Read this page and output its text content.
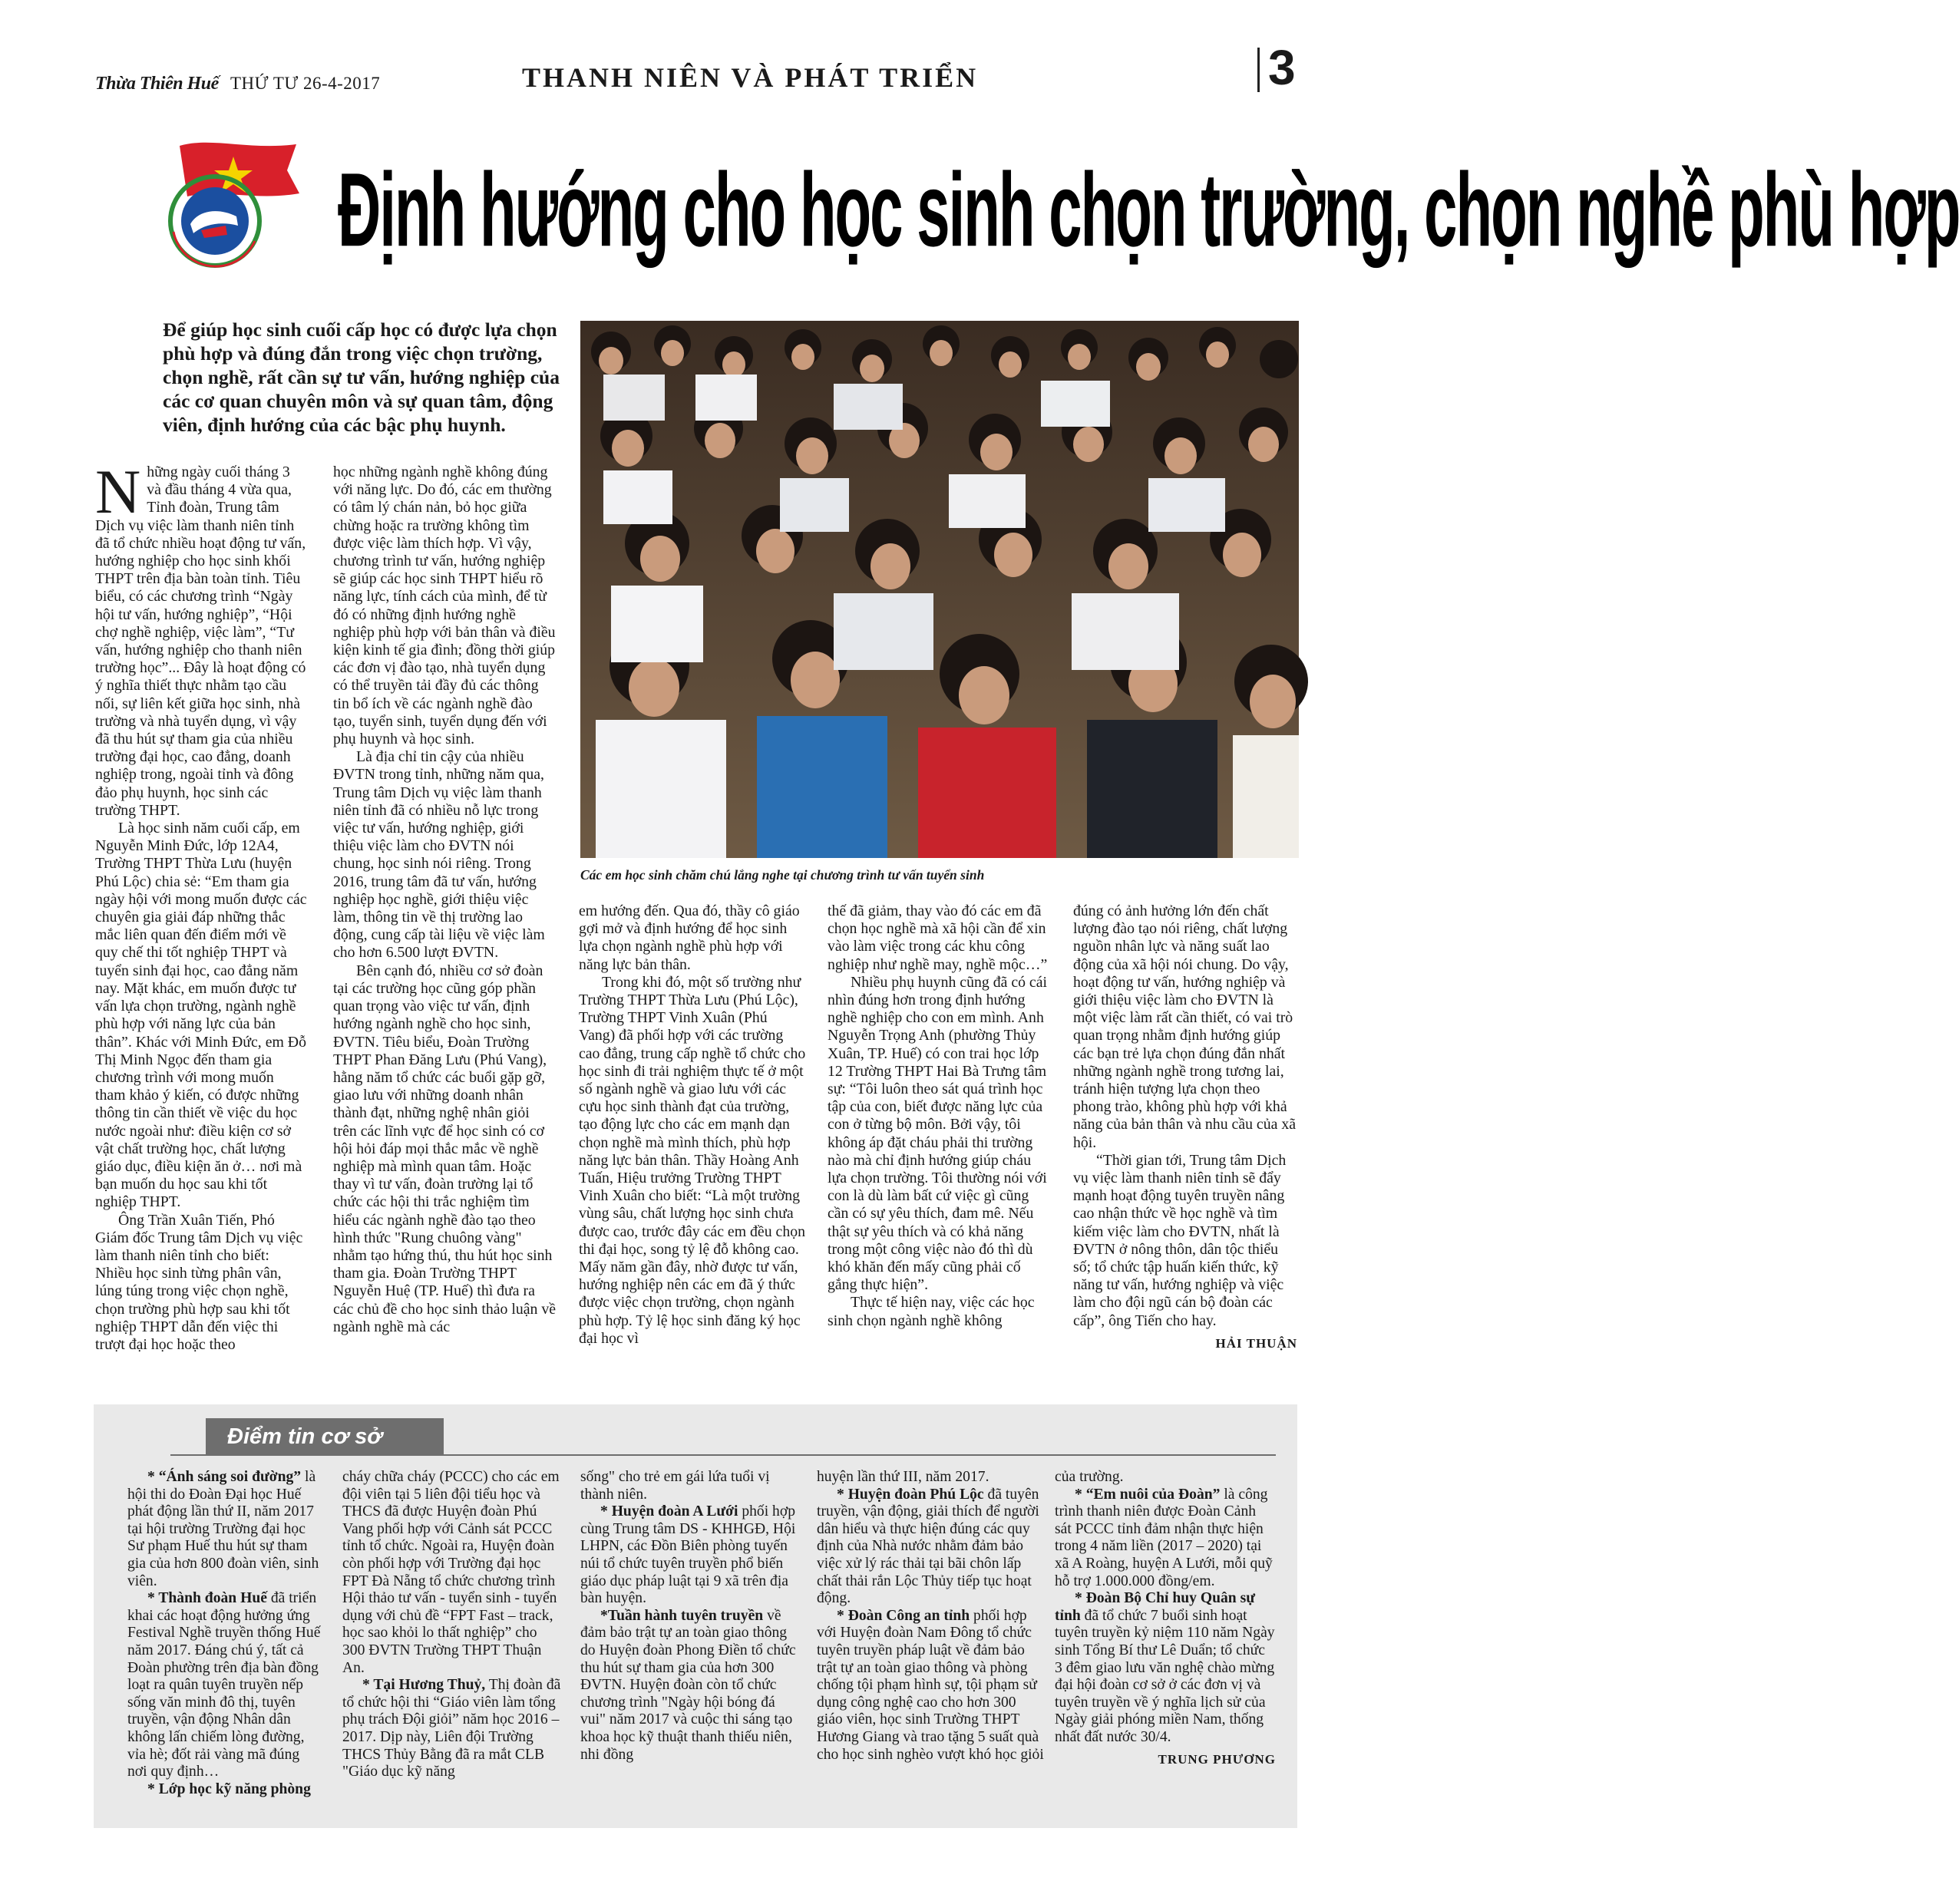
Thừa Thiên Huế THỨ TƯ 26-4-2017	THANH NIÊN VÀ PHÁT TRIỂN	3
Định hướng cho học sinh chọn trường, chọn nghề phù hợp
Để giúp học sinh cuối cấp học có được lựa chọn phù hợp và đúng đắn trong việc chọn trường, chọn nghề, rất cần sự tư vấn, hướng nghiệp của các cơ quan chuyên môn và sự quan tâm, động viên, định hướng của các bậc phụ huynh.
Các em học sinh chăm chú lắng nghe tại chương trình tư vấn tuyển sinh

Những ngày cuối tháng 3 và đầu tháng 4 vừa qua, Tỉnh đoàn, Trung tâm Dịch vụ việc làm thanh niên tỉnh đã tổ chức nhiều hoạt động tư vấn, hướng nghiệp cho học sinh khối THPT trên địa bàn toàn tỉnh. Tiêu biểu, có các chương trình “Ngày hội tư vấn, hướng nghiệp”, “Hội chợ nghề nghiệp, việc làm”, “Tư vấn, hướng nghiệp cho thanh niên trường học”... Đây là hoạt động có ý nghĩa thiết thực nhằm tạo cầu nối, sự liên kết giữa học sinh, nhà trường và nhà tuyển dụng, vì vậy đã thu hút sự tham gia của nhiều trường đại học, cao đẳng, doanh nghiệp trong, ngoài tỉnh và đông đảo phụ huynh, học sinh các trường THPT.

Là học sinh năm cuối cấp, em Nguyễn Minh Đức, lớp 12A4, Trường THPT Thừa Lưu (huyện Phú Lộc) chia sẻ: “Em tham gia ngày hội với mong muốn được các chuyên gia giải đáp những thắc mắc liên quan đến điểm mới về quy chế thi tốt nghiệp THPT và tuyển sinh đại học, cao đẳng năm nay. Mặt khác, em muốn được tư vấn lựa chọn trường, ngành nghề phù hợp với năng lực của bản thân”. Khác với Minh Đức, em Đỗ Thị Minh Ngọc đến tham gia chương trình với mong muốn tham khảo ý kiến, có được những thông tin cần thiết về việc du học nước ngoài như: điều kiện cơ sở vật chất trường học, chất lượng giáo dục, điều kiện ăn ở… nơi mà bạn muốn du học sau khi tốt nghiệp THPT.

Ông Trần Xuân Tiến, Phó Giám đốc Trung tâm Dịch vụ việc làm thanh niên tỉnh cho biết: Nhiều học sinh từng phân vân, lúng túng trong việc chọn nghề, chọn trường phù hợp sau khi tốt nghiệp THPT dẫn đến việc thi trượt đại học hoặc theo

học những ngành nghề không đúng với năng lực. Do đó, các em thường có tâm lý chán nản, bỏ học giữa chừng hoặc ra trường không tìm được việc làm thích hợp. Vì vậy, chương trình tư vấn, hướng nghiệp sẽ giúp các học sinh THPT hiểu rõ năng lực, tính cách của mình, để từ đó có những định hướng nghề nghiệp phù hợp với bản thân và điều kiện kinh tế gia đình; đồng thời giúp các đơn vị đào tạo, nhà tuyển dụng có thể truyền tải đầy đủ các thông tin bổ ích về các ngành nghề đào tạo, tuyển sinh, tuyển dụng đến với phụ huynh và học sinh.

Là địa chỉ tin cậy của nhiều ĐVTN trong tỉnh, những năm qua, Trung tâm Dịch vụ việc làm thanh niên tỉnh đã có nhiều nỗ lực trong việc tư vấn, hướng nghiệp, giới thiệu việc làm cho ĐVTN nói chung, học sinh nói riêng. Trong 2016, trung tâm đã tư vấn, hướng nghiệp học nghề, giới thiệu việc làm, thông tin về thị trường lao động, cung cấp tài liệu về việc làm cho hơn 6.500 lượt ĐVTN.

Bên cạnh đó, nhiều cơ sở đoàn tại các trường học cũng góp phần quan trọng vào việc tư vấn, định hướng ngành nghề cho học sinh, ĐVTN. Tiêu biểu, Đoàn Trường THPT Phan Đăng Lưu (Phú Vang), hằng năm tổ chức các buổi gặp gỡ, giao lưu với những doanh nhân thành đạt, những nghệ nhân giỏi trên các lĩnh vực để học sinh có cơ hội hỏi đáp mọi thắc mắc về nghề nghiệp mà mình quan tâm. Hoặc thay vì tư vấn, đoàn trường lại tổ chức các hội thi trắc nghiệm tìm hiểu các ngành nghề đào tạo theo hình thức "Rung chuông vàng" nhằm tạo hứng thú, thu hút học sinh tham gia. Đoàn Trường THPT Nguyễn Huệ (TP. Huế) thì đưa ra các chủ đề cho học sinh thảo luận về ngành nghề mà các

em hướng đến. Qua đó, thầy cô giáo gợi mở và định hướng để học sinh lựa chọn ngành nghề phù hợp với năng lực bản thân.

Trong khi đó, một số trường như Trường THPT Thừa Lưu (Phú Lộc), Trường THPT Vinh Xuân (Phú Vang) đã phối hợp với các trường cao đẳng, trung cấp nghề tổ chức cho học sinh đi trải nghiệm thực tế ở một số ngành nghề và giao lưu với các cựu học sinh thành đạt của trường, tạo động lực cho các em mạnh dạn chọn nghề mà mình thích, phù hợp năng lực bản thân. Thầy Hoàng Anh Tuấn, Hiệu trưởng Trường THPT Vinh Xuân cho biết: “Là một trường vùng sâu, chất lượng học sinh chưa được cao, trước đây các em đều chọn thi đại học, song tỷ lệ đỗ không cao. Mấy năm gần đây, nhờ được tư vấn, hướng nghiệp nên các em đã ý thức được việc chọn trường, chọn ngành phù hợp. Tỷ lệ học sinh đăng ký học đại học vì

thế đã giảm, thay vào đó các em đã chọn học nghề mà xã hội cần để xin vào làm việc trong các khu công nghiệp như nghề may, nghề mộc…”

Nhiều phụ huynh cũng đã có cái nhìn đúng hơn trong định hướng nghề nghiệp cho con em mình. Anh Nguyễn Trọng Anh (phường Thủy Xuân, TP. Huế) có con trai học lớp 12 Trường THPT Hai Bà Trưng tâm sự: “Tôi luôn theo sát quá trình học tập của con, biết được năng lực của con ở từng bộ môn. Bởi vậy, tôi không áp đặt cháu phải thi trường nào mà chỉ định hướng giúp cháu lựa chọn trường. Tôi thường nói với con là dù làm bất cứ việc gì cũng cần có sự yêu thích, đam mê. Nếu thật sự yêu thích và có khả năng trong một công việc nào đó thì dù khó khăn đến mấy cũng phải cố gắng thực hiện”.

Thực tế hiện nay, việc các học sinh chọn ngành nghề không

đúng có ảnh hưởng lớn đến chất lượng đào tạo nói riêng, chất lượng nguồn nhân lực và năng suất lao động của xã hội nói chung. Do vậy, hoạt động tư vấn, hướng nghiệp và giới thiệu việc làm cho ĐVTN là một việc làm rất cần thiết, có vai trò quan trọng nhằm định hướng giúp các bạn trẻ lựa chọn đúng đắn nhất những ngành nghề trong tương lai, tránh hiện tượng lựa chọn theo phong trào, không phù hợp với khả năng của bản thân và nhu cầu của xã hội.

“Thời gian tới, Trung tâm Dịch vụ việc làm thanh niên tỉnh sẽ đẩy mạnh hoạt động tuyên truyền nâng cao nhận thức về học nghề và tìm kiếm việc làm cho ĐVTN, nhất là ĐVTN ở nông thôn, dân tộc thiểu số; tổ chức tập huấn kiến thức, kỹ năng tư vấn, hướng nghiệp và việc làm cho đội ngũ cán bộ đoàn các cấp”, ông Tiến cho hay.

HẢI THUẬN
Điểm tin cơ sở

* “Ánh sáng soi đường” là hội thi do Đoàn Đại học Huế phát động lần thứ II, năm 2017 tại hội trường Trường đại học Sư phạm Huế thu hút sự tham gia của hơn 800 đoàn viên, sinh viên.

* Thành đoàn Huế đã triển khai các hoạt động hưởng ứng Festival Nghề truyền thống Huế năm 2017. Đáng chú ý, tất cả Đoàn phường trên địa bàn đồng loạt ra quân tuyên truyền nếp sống văn minh đô thị, tuyên truyền, vận động Nhân dân không lấn chiếm lòng đường, vỉa hè; đốt rải vàng mã đúng nơi quy định…

* Lớp học kỹ năng phòng

cháy chữa cháy (PCCC) cho các em đội viên tại 5 liên đội tiểu học và THCS đã được Huyện đoàn Phú Vang phối hợp với Cảnh sát PCCC tỉnh tổ chức. Ngoài ra, Huyện đoàn còn phối hợp với Trường đại học FPT Đà Nẵng tổ chức chương trình Hội thảo tư vấn - tuyển sinh - tuyển dụng với chủ đề “FPT Fast – track, học sao khỏi lo thất nghiệp” cho 300 ĐVTN Trường THPT Thuận An.

* Tại Hương Thuỷ, Thị đoàn đã tổ chức hội thi “Giáo viên làm tổng phụ trách Đội giỏi” năm học 2016 – 2017. Dịp này, Liên đội Trường THCS Thủy Bằng đã ra mắt CLB "Giáo dục kỹ năng

sống" cho trẻ em gái lứa tuổi vị thành niên.

* Huyện đoàn A Lưới phối hợp cùng Trung tâm DS - KHHGĐ, Hội LHPN, các Đồn Biên phòng tuyến núi tổ chức tuyên truyền phổ biến giáo dục pháp luật tại 9 xã trên địa bàn huyện.

*Tuần hành tuyên truyền về đảm bảo trật tự an toàn giao thông do Huyện đoàn Phong Điền tổ chức thu hút sự tham gia của hơn 300 ĐVTN. Huyện đoàn còn tổ chức chương trình "Ngày hội bóng đá vui" năm 2017 và cuộc thi sáng tạo khoa học kỹ thuật thanh thiếu niên, nhi đồng

huyện lần thứ III, năm 2017.

* Huyện đoàn Phú Lộc đã tuyên truyền, vận động, giải thích để người dân hiểu và thực hiện đúng các quy định của Nhà nước nhằm đảm bảo việc xử lý rác thải tại bãi chôn lấp chất thải rắn Lộc Thủy tiếp tục hoạt động.

* Đoàn Công an tỉnh phối hợp với Huyện đoàn Nam Đông tổ chức tuyên truyền pháp luật về đảm bảo trật tự an toàn giao thông và phòng chống tội phạm hình sự, tội phạm sử dụng công nghệ cao cho hơn 300 giáo viên, học sinh Trường THPT Hương Giang và trao tặng 5 suất quà cho học sinh nghèo vượt khó học giỏi

của trường.

* “Em nuôi của Đoàn” là công trình thanh niên được Đoàn Cảnh sát PCCC tỉnh đảm nhận thực hiện trong 4 năm liền (2017 – 2020) tại xã A Roàng, huyện A Lưới, mỗi quỹ hỗ trợ 1.000.000 đồng/em.

* Đoàn Bộ Chỉ huy Quân sự tỉnh đã tổ chức 7 buổi sinh hoạt tuyên truyền kỷ niệm 110 năm Ngày sinh Tổng Bí thư Lê Duẩn; tổ chức 3 đêm giao lưu văn nghệ chào mừng đại hội đoàn cơ sở ở các đơn vị và tuyên truyền về ý nghĩa lịch sử của Ngày giải phóng miền Nam, thống nhất đất nước 30/4.

TRUNG PHƯƠNG
